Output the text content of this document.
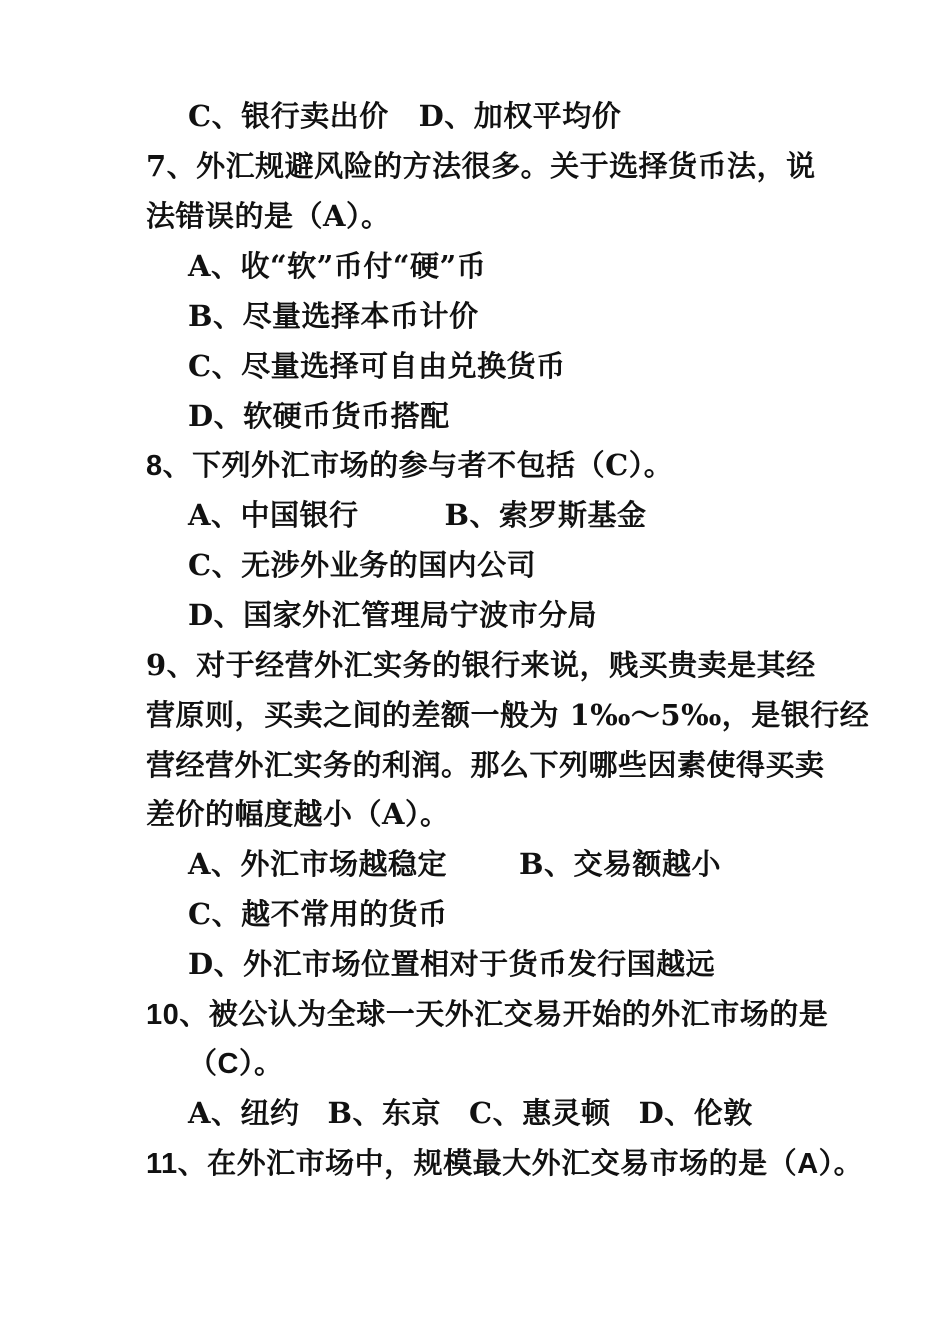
C、银行卖出价 D、加权平均价
7、外汇规避风险的方法很多。关于选择货币法，说
法错误的是（A）。
A、收“软”币付“硬”币
B、尽量选择本币计价
C、尽量选择可自由兑换货币
D、软硬币货币搭配
8、下列外汇市场的参与者不包括（C）。
A、中国银行	B、索罗斯基金
C、无涉外业务的国内公司
D、国家外汇管理局宁波市分局
9、对于经营外汇实务的银行来说，贱买贵卖是其经
营原则，买卖之间的差额一般为 1‰～5‰，是银行经
营经营外汇实务的利润。那么下列哪些因素使得买卖
差价的幅度越小（A）。
A、外汇市场越稳定 B、交易额越小
C、越不常用的货币
D、外汇市场位置相对于货币发行国越远
10、被公认为全球一天外汇交易开始的外汇市场的是
（C）。
A、纽约 B、东京 C、惠灵顿 D、伦敦
11、在外汇市场中，规模最大外汇交易市场的是（A）。
